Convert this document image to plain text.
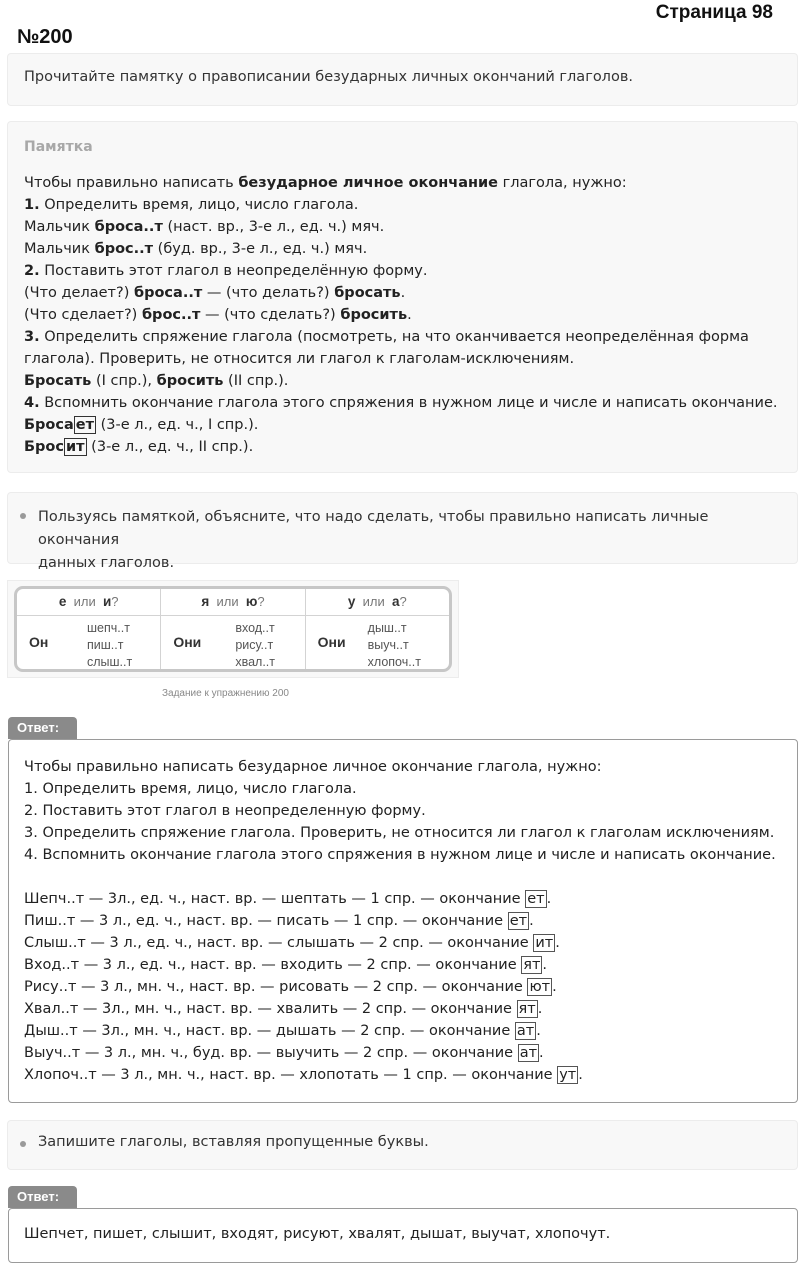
Страница 98
№200
Прочитайте памятку о правописании безударных личных окончаний глаголов.
Памятка
Чтобы правильно написать безударное личное окончание глагола, нужно:
1. Определить время, лицо, число глагола.
Мальчик броса..т (наст. вр., 3-е л., ед. ч.) мяч.
Мальчик брос..т (буд. вр., 3-е л., ед. ч.) мяч.
2. Поставить этот глагол в неопределённую форму.
(Что делает?) броса..т — (что делать?) бросать.
(Что сделает?) брос..т — (что сделать?) бросить.
3. Определить спряжение глагола (посмотреть, на что оканчивается неопределённая форма
глагола). Проверить, не относится ли глагол к глаголам-исключениям.
Бросать (I спр.), бросить (II спр.).
4. Вспомнить окончание глагола этого спряжения в нужном лице и числе и написать окончание.
Броса ет (3-е л., ед. ч., I спр.).
Брос ит (3-е л., ед. ч., II спр.).
Пользуясь памяткой, объясните, что надо сделать, чтобы правильно написать личные окончания
данных глаголов.
е или и?
Он
шепч..т
пиш..т
слыш..т
я или ю?
Они
вход..т
рису..т
хвал..т
у или а?
Они
дыш..т
выуч..т
хлопоч..т
Задание к упражнению 200
Ответ:
Чтобы правильно написать безударное личное окончание глагола, нужно:
1. Определить время, лицо, число глагола.
2. Поставить этот глагол в неопределенную форму.
3. Определить спряжение глагола. Проверить, не относится ли глагол к глаголам исключениям.
4. Вспомнить окончание глагола этого спряжения в нужном лице и числе и написать окончание.
Шепч..т — 3л., ед. ч., наст. вр. — шептать — 1 спр. — окончание ет .
Пиш..т — 3 л., ед. ч., наст. вр. — писать — 1 спр. — окончание ет .
Слыш..т — 3 л., ед. ч., наст. вр. — слышать — 2 спр. — окончание ит .
Вход..т — 3 л., ед. ч., наст. вр. — входить — 2 спр. — окончание ят .
Рису..т — 3 л., мн. ч., наст. вр. — рисовать — 2 спр. — окончание ют .
Хвал..т — 3л., мн. ч., наст. вр. — хвалить — 2 спр. — окончание ят .
Дыш..т — 3л., мн. ч., наст. вр. — дышать — 2 спр. — окончание ат .
Выуч..т — 3 л., мн. ч., буд. вр. — выучить — 2 спр. — окончание ат .
Хлопоч..т — 3 л., мн. ч., наст. вр. — хлопотать — 1 спр. — окончание ут .
Запишите глаголы, вставляя пропущенные буквы.
Ответ:
Шепчет, пишет, слышит, входят, рисуют, хвалят, дышат, выучат, хлопочут.
